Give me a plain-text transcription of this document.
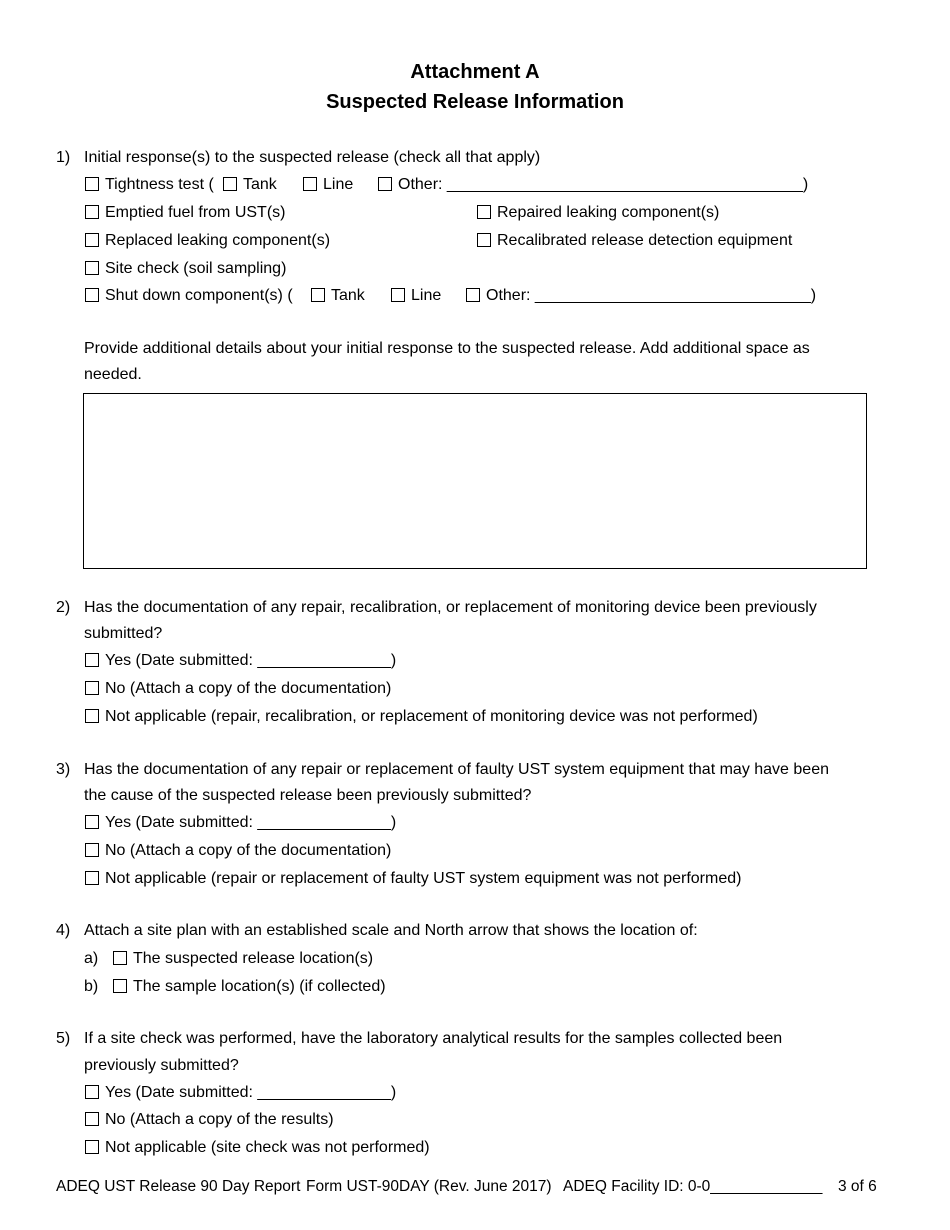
Attachment A
Suspected Release Information
1) Initial response(s) to the suspected release (check all that apply)
Tightness test (	Tank	Line	Other: ________________________________________)
Emptied fuel from UST(s)	Repaired leaking component(s)
Replaced leaking component(s)	Recalibrated release detection equipment
Site check (soil sampling)
Shut down component(s) (	Tank	Line	Other: _______________________________)
Provide additional details about your initial response to the suspected release. Add additional space as
needed.
2) Has the documentation of any repair, recalibration, or replacement of monitoring device been previously
submitted?
Yes (Date submitted: _______________)
No (Attach a copy of the documentation)
Not applicable (repair, recalibration, or replacement of monitoring device was not performed)
3) Has the documentation of any repair or replacement of faulty UST system equipment that may have been
the cause of the suspected release been previously submitted?
Yes (Date submitted: _______________)
No (Attach a copy of the documentation)
Not applicable (repair or replacement of faulty UST system equipment was not performed)
4) Attach a site plan with an established scale and North arrow that shows the location of:
a)	The suspected release location(s)
b)	The sample location(s) (if collected)
5) If a site check was performed, have the laboratory analytical results for the samples collected been
previously submitted?
Yes (Date submitted: _______________)
No (Attach a copy of the results)
Not applicable (site check was not performed)
ADEQ UST Release 90 Day Report Form UST-90DAY (Rev. June 2017) ADEQ Facility ID: 0-0_____________ 3 of 6
